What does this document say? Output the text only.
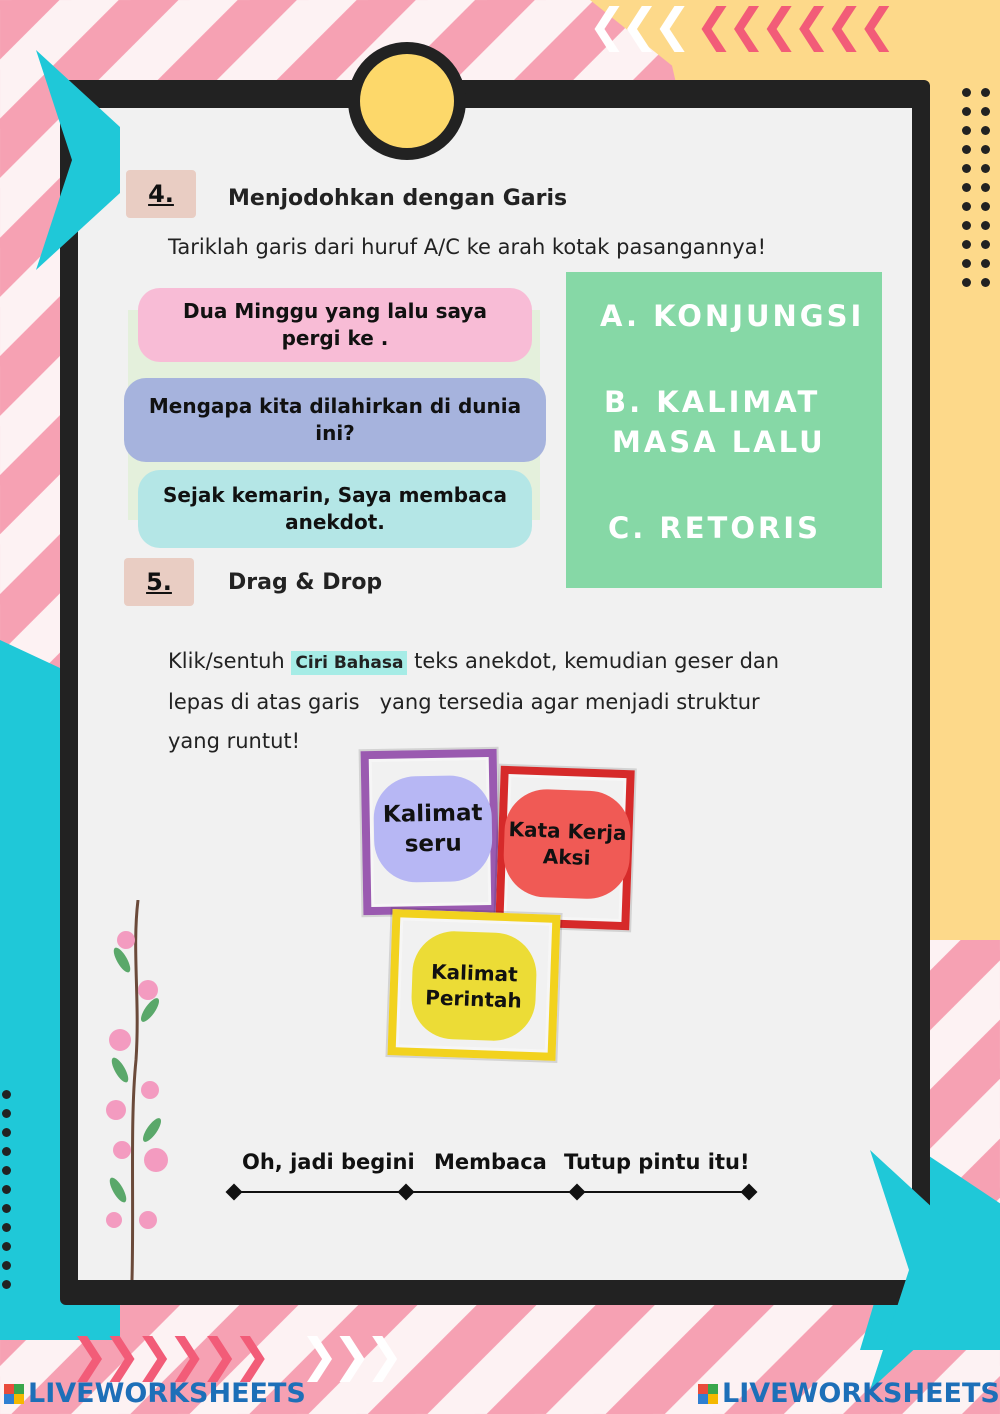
❮❮❮ ❮❮❮❮❮❮
❯❯❯❯❯❯ ❯❯❯
4.	Menjodohkan dengan Garis
Tariklah garis dari huruf A/C ke arah kotak pasangannya!
Dua Minggu yang lalu saya pergi ke .
Mengapa kita dilahirkan di dunia ini?
Sejak kemarin, Saya membaca anekdot.
A. KONJUNGSI
B. KALIMAT
MASA LALU
C. RETORIS
5.	Drag & Drop
Klik/sentuh Ciri Bahasa teks anekdot, kemudian geser dan
lepas di atas garis   yang tersedia agar menjadi struktur
yang runtut!
Kalimat seru	Kata Kerja Aksi
Kalimat Perintah
Oh, jadi begini Membaca Tutup pintu itu!
LIVEWORKSHEETS	LIVEWORKSHEETS
